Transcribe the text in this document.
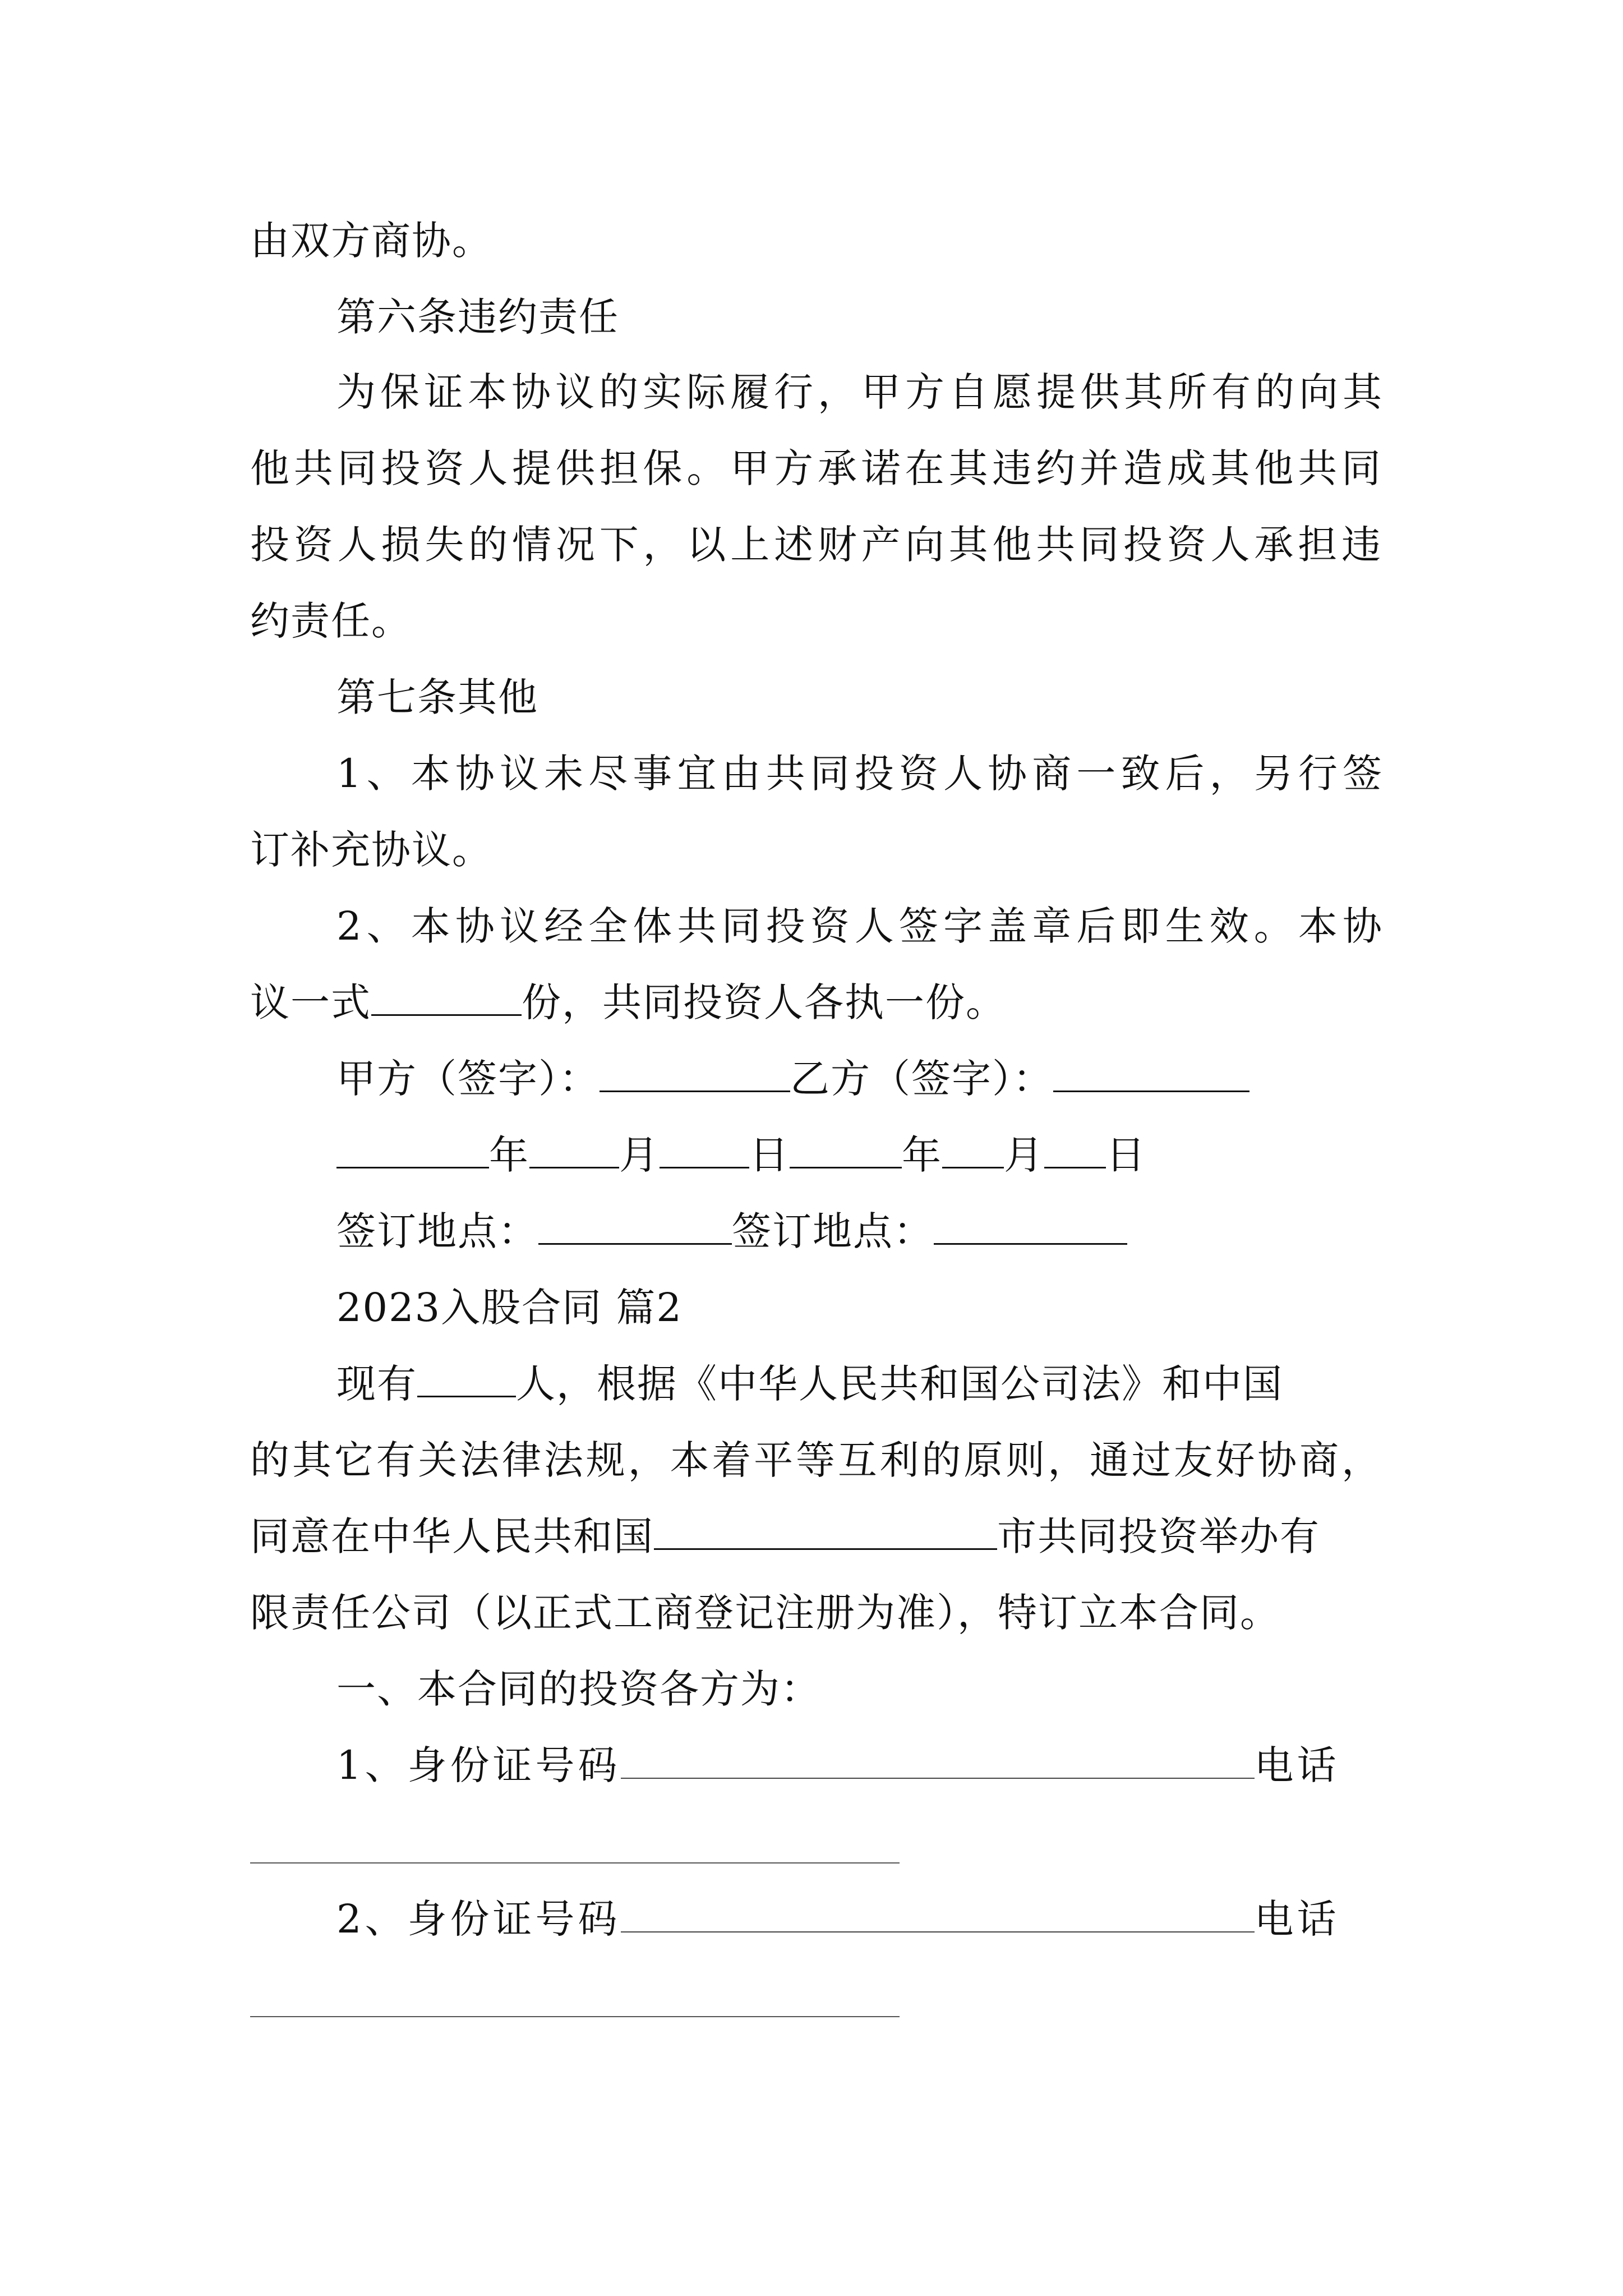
由双方商协。
第六条违约责任
为保证本协议的实际履行，甲方自愿提供其所有的向其
他共同投资人提供担保。甲方承诺在其违约并造成其他共同
投资人损失的情况下，以上述财产向其他共同投资人承担违
约责任。
第七条其他
1、本协议未尽事宜由共同投资人协商一致后，另行签
订补充协议。
2、本协议经全体共同投资人签字盖章后即生效。本协
议一式	份，共同投资人各执一份。
甲方（签字）：	乙方（签字）：
年 月 日	年 月 日
签订地点：	签订地点：
2023入股合同 篇2
现有	人，根据《中华人民共和国公司法》和中国
的其它有关法律法规，本着平等互利的原则，通过友好协商，
同意在中华人民共和国	市共同投资举办有
限责任公司（以正式工商登记注册为准），特订立本合同。
一、本合同的投资各方为：
1、身份证号码	电话
2、身份证号码	电话
